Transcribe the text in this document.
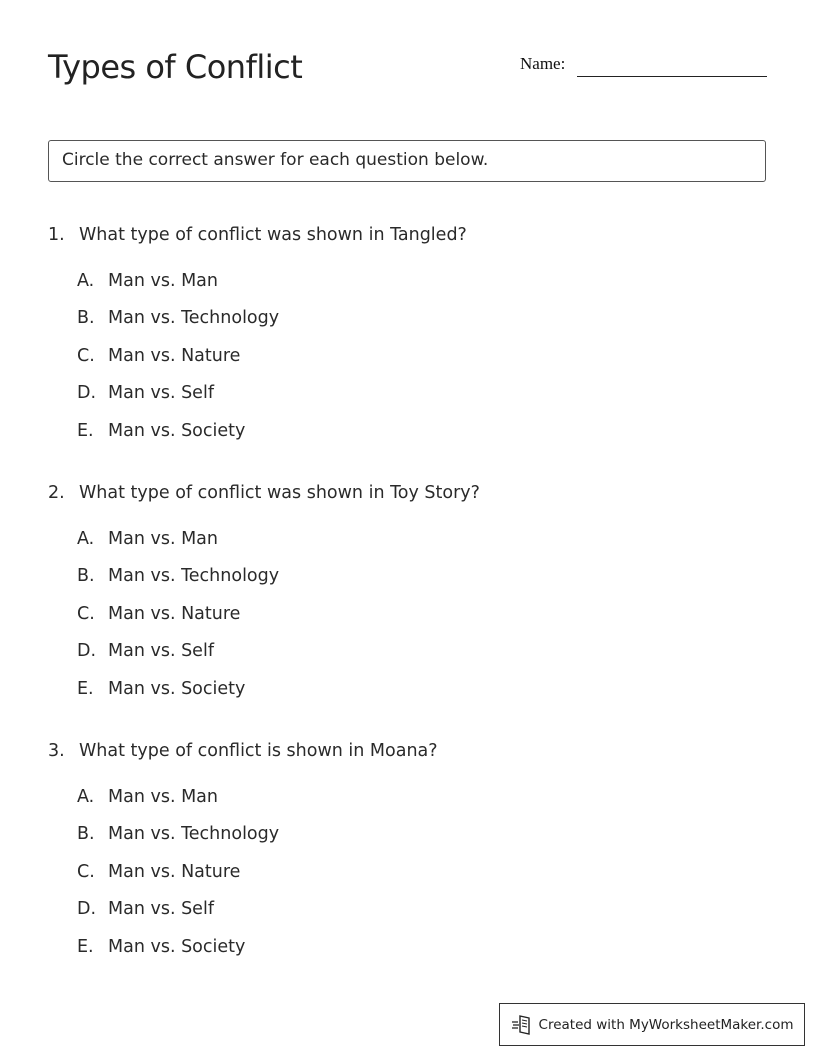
Types of Conflict	Name:
Circle the correct answer for each question below.
1. What type of conflict was shown in Tangled?
A. Man vs. Man
B. Man vs. Technology
C. Man vs. Nature
D. Man vs. Self
E. Man vs. Society
2. What type of conflict was shown in Toy Story?
A. Man vs. Man
B. Man vs. Technology
C. Man vs. Nature
D. Man vs. Self
E. Man vs. Society
3. What type of conflict is shown in Moana?
A. Man vs. Man
B. Man vs. Technology
C. Man vs. Nature
D. Man vs. Self
E. Man vs. Society
Created with MyWorksheetMaker.com
